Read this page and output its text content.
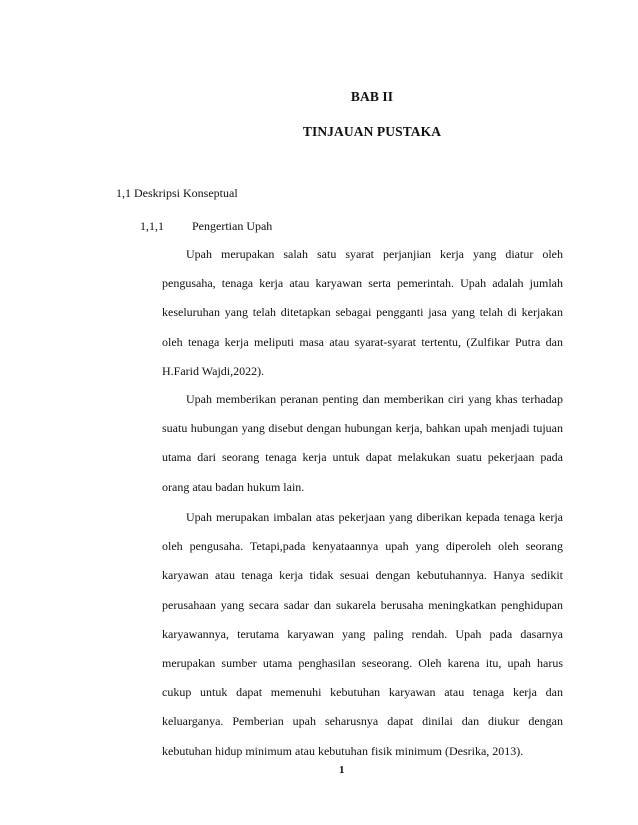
BAB II
TINJAUAN PUSTAKA
1,1 Deskripsi Konseptual
1,1,1 Pengertian Upah

Upah merupakan salah satu syarat perjanjian kerja yang diatur oleh pengusaha, tenaga kerja atau karyawan serta pemerintah. Upah adalah jumlah keseluruhan yang telah ditetapkan sebagai pengganti jasa yang telah di kerjakan oleh tenaga kerja meliputi masa atau syarat-syarat tertentu, (Zulfikar Putra dan H.Farid Wajdi,2022).

Upah memberikan peranan penting dan memberikan ciri yang khas terhadap suatu hubungan yang disebut dengan hubungan kerja, bahkan upah menjadi tujuan utama dari seorang tenaga kerja untuk dapat melakukan suatu pekerjaan pada orang atau badan hukum lain.

Upah merupakan imbalan atas pekerjaan yang diberikan kepada tenaga kerja oleh pengusaha. Tetapi,pada kenyataannya upah yang diperoleh oleh seorang karyawan atau tenaga kerja tidak sesuai dengan kebutuhannya. Hanya sedikit perusahaan yang secara sadar dan sukarela berusaha meningkatkan penghidupan karyawannya, terutama karyawan yang paling rendah. Upah pada dasarnya merupakan sumber utama penghasilan seseorang. Oleh karena itu, upah harus cukup untuk dapat memenuhi kebutuhan karyawan atau tenaga kerja dan keluarganya. Pemberian upah seharusnya dapat dinilai dan diukur dengan kebutuhan hidup minimum atau kebutuhan fisik minimum (Desrika, 2013).

1
